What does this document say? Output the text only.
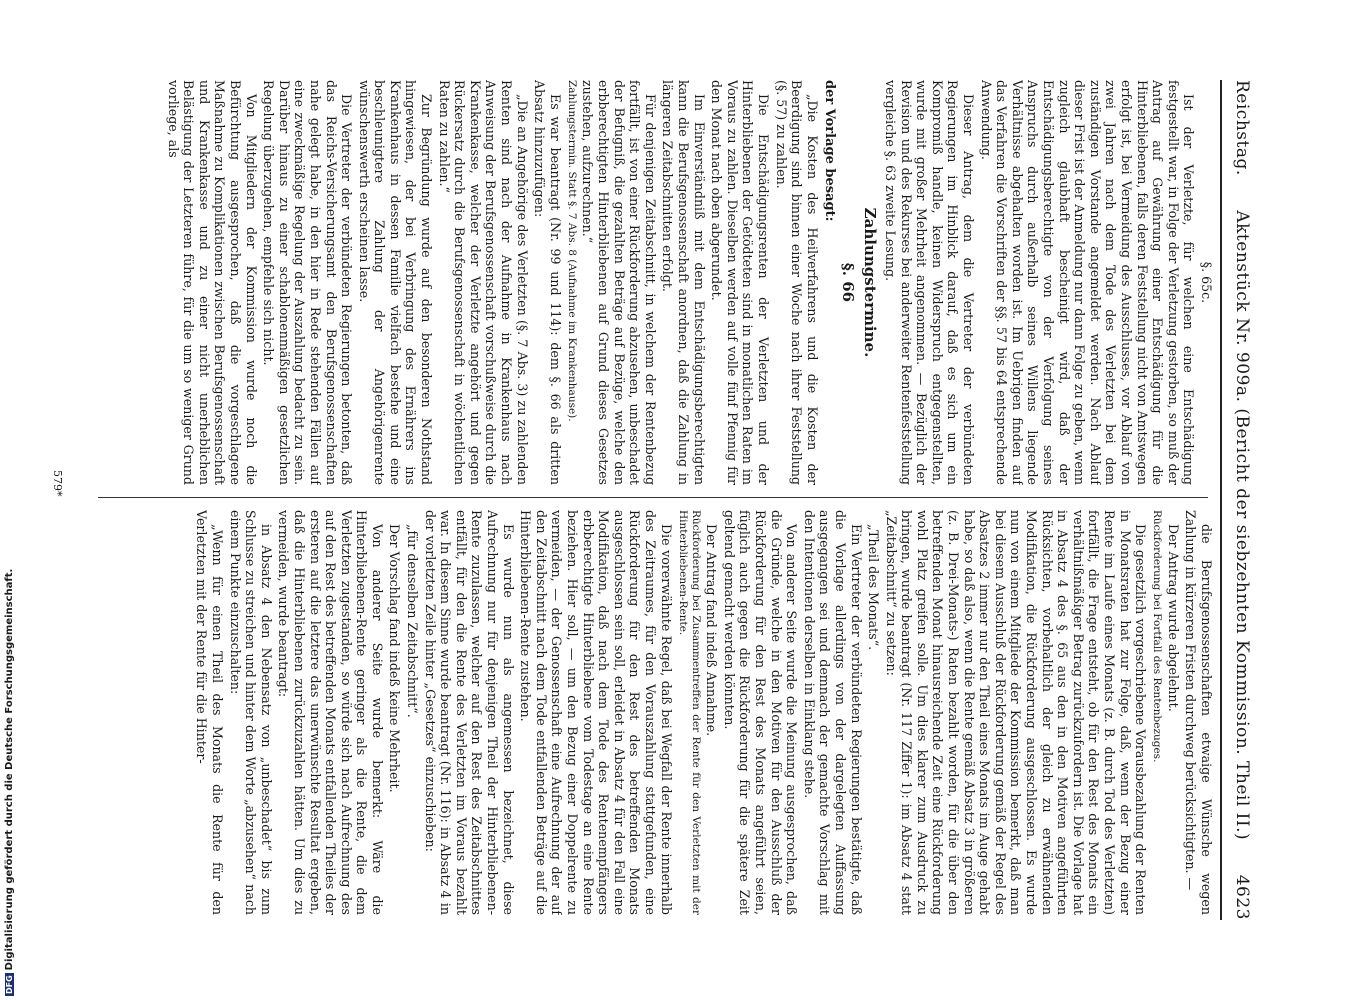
Reichstag.
Aktenstück Nr. 909a. (Bericht der siebzehnten Kommission. Theil II.)
4623

§. 65c.

Ist der Verletzte, für welchen eine Entschädigung festgestellt war, in Folge der Verletzung gestorben, so muß der Antrag auf Gewährung einer Entschädigung für die Hinterbliebenen, falls deren Feststellung nicht von Amtswegen erfolgt ist, bei Vermeidung des Ausschlusses, vor Ablauf von zwei Jahren nach dem Tode des Verletzten bei dem zuständigen Vorstande angemeldet werden. Nach Ablauf dieser Frist ist der Anmeldung nur dann Folge zu geben, wenn zugleich glaubhaft bescheinigt wird, daß der Entschädigungsberechtigte von der Verfolgung seines Anspruchs durch außerhalb seines Willens liegende Verhältnisse abgehalten worden ist. Im Uebrigen finden auf das Verfahren die Vorschriften der §§. 57 bis 64 entsprechende Anwendung.

Dieser Antrag, dem die Vertreter der verbündeten Regierungen im Hinblick darauf, daß es sich um ein Kompromiß handle, keinen Widerspruch entgegenstellten, wurde mit großer Mehrheit angenommen. — Bezüglich der Revision und des Rekurses bei anderweiter Rentenfeststellung vergleiche §. 63 zweite Lesung.

Zahlungstermine.
§. 66
der Vorlage besagt:

„Die Kosten des Heilverfahrens und die Kosten der Beerdigung sind binnen einer Woche nach ihrer Feststellung (§. 57) zu zahlen.

Die Entschädigungsrenten der Verletzten und der Hinterbliebenen der Getödteten sind in monatlichen Raten im Voraus zu zahlen. Dieselben werden auf volle fünf Pfennig für den Monat nach oben abgerundet.

Im Einverständniß mit dem Entschädigungsberechtigten kann die Berufsgenossenschaft anordnen, daß die Zahlung in längeren Zeitabschnitten erfolgt.

Für denjenigen Zeitabschnitt, in welchem der Rentenbezug fortfällt, ist von einer Rückforderung abzusehen, unbeschadet der Befugniß, die gezahlten Beträge auf Bezüge, welche den erbberechtigten Hinterbliebenen auf Grund dieses Gesetzes zustehen, aufzurechnen.“

Zahlungstermin. Statt §. 7 Abs. 8 (Aufnahme im Krankenhause).

Es war beantragt (Nr. 99 und 114): dem §. 66 als dritten Absatz hinzuzufügen:

„Die an Angehörige des Verletzten (§. 7 Abs. 3) zu zahlenden Renten sind nach der Aufnahme in Krankenhaus nach Anweisung der Berufsgenossenschaft vorschußweise durch die Krankenkasse, welcher der Verletzte angehört und gegen Rückersatz durch die Berufsgenossenschaft in wöchentlichen Raten zu zahlen.“

Zur Begründung wurde auf den besonderen Nothstand hingewiesen, der bei Verbringung des Ernährers ins Krankenhaus in dessen Familie vielfach bestehe und eine beschleunigtere Zahlung der Angehörigenrente wünschenswerth erscheinen lasse.

Die Vertreter der verbündeten Regierungen betonten, daß das Reichs-Versicherungsamt den Berufsgenossenschaften nahe gelegt habe, in den hier in Rede stehenden Fällen auf eine zweckmäßige Regelung der Auszahlung bedacht zu sein. Darüber hinaus zu einer schablonenmäßigen gesetzlichen Regelung überzugehen, empfehle sich nicht.

Von Mitgliedern der Kommission wurde noch die Befürchtung ausgesprochen, daß die vorgeschlagene Maßnahme zu Komplikationen zwischen Berufsgenossenschaft und Krankenkasse und zu einer nicht unerheblichen Belästigung der Letzteren führe, für die um so weniger Grund vorliege, als

die Berufsgenossenschaften etwaige Wünsche wegen Zahlung in kürzeren Fristen durchweg berücksichtigten. —

Der Antrag wurde abgelehnt.

Rückforderung bei Fortfall des Rentenbezuges.

Die gesetzlich vorgeschriebene Vorausbezahlung der Renten in Monatsraten hat zur Folge, daß, wenn der Bezug einer Rente im Laufe eines Monats (z. B. durch Tod des Verletzten) fortfällt, die Frage entsteht, ob für den Rest des Monats ein verhältnißmäßiger Betrag zurückzufordern ist. Die Vorlage hat in Absatz 4 des §. 65 aus den in den Motiven angeführten Rücksichten, vorbehaltlich der gleich zu erwähnenden Modifikation, die Rückforderung ausgeschlossen. Es wurde nun von einem Mitgliede der Kommission bemerkt, daß man bei diesem Ausschluß der Rückforderung gemäß der Regel des Absatzes 2 immer nur den Theil eines Monats im Auge gehabt habe, so daß also, wenn die Rente gemäß Absatz 3 in größeren (z. B. Drei-Monats-) Raten bezahlt worden, für die über den betreffenden Monat hinausreichende Zeit eine Rückforderung wohl Platz greifen solle. Um dies klarer zum Ausdruck zu bringen, wurde beantragt (Nr. 117 Ziffer 1): im Absatz 4 statt „Zeitabschnitt“ zu setzen:

„Theil des Monats“.

Ein Vertreter der verbündeten Regierungen bestätigte, daß die Vorlage allerdings von der dargelegten Auffassung ausgegangen sei und demnach der gemachte Vorschlag mit den Intentionen derselben in Einklang stehe.

Von anderer Seite wurde die Meinung ausgesprochen, daß die Gründe, welche in den Motiven für den Ausschluß der Rückforderung für den Rest des Monats angeführt seien, füglich auch gegen die Rückforderung für die spätere Zeit geltend gemacht werden könnten.

Der Antrag fand indeß Annahme.

Rückforderung bei Zusammentreffen der Rente für den Verletzten mit der Hinterbliebenen-Rente.

Die vorerwähnte Regel, daß bei Wegfall der Rente innerhalb des Zeitraumes, für den Vorauszahlung stattgefunden, eine Rückforderung für den Rest des betreffenden Monats ausgeschlossen sein soll, erleidet in Absatz 4 für den Fall eine Modifikation, daß nach dem Tode des Rentenempfängers erbberechtigte Hinterbliebene vom Todestage an eine Rente beziehen. Hier soll, — um den Bezug einer Doppelrente zu vermeiden, — der Genossenschaft eine Aufrechnung der auf den Zeitabschnitt nach dem Tode entfallenden Beträge auf die Hinterbliebenen-Rente zustehen.

Es wurde nun als angemessen bezeichnet, diese Aufrechnung nur für denjenigen Theil der Hinterbliebenen-Rente zuzulassen, welcher auf den Rest des Zeitabschnittes entfällt, für den die Rente des Verletzten im Voraus bezahlt war. In diesem Sinne wurde beantragt (Nr. 116): in Absatz 4 in der vorletzten Zeile hinter „Gesetzes“ einzuschieben:

„für denselben Zeitabschnitt“.

Der Vorschlag fand indeß keine Mehrheit.

Von anderer Seite wurde bemerkt: Wäre die Hinterbliebenen-Rente geringer als die Rente, die dem Verletzten zugestanden, so würde sich nach Aufrechnung des auf den Rest des betreffenden Monats entfallenden Theiles der ersteren auf die letztere das unerwünschte Resultat ergeben, daß die Hinterbliebenen zurückzuzahlen hätten. Um dies zu vermeiden, wurde beantragt:

in Absatz 4 den Nebensatz von „unbeschadet“ bis zum Schlusse zu streichen und hinter dem Worte „abzusehen“ nach einem Punkte einzuschalten:

„Wenn für einen Theil des Monats die Rente für den Verletzten mit der Rente für die Hinter-

579*
DFGDigitalisierung gefördert durch die Deutsche Forschungsgemeinschaft.
